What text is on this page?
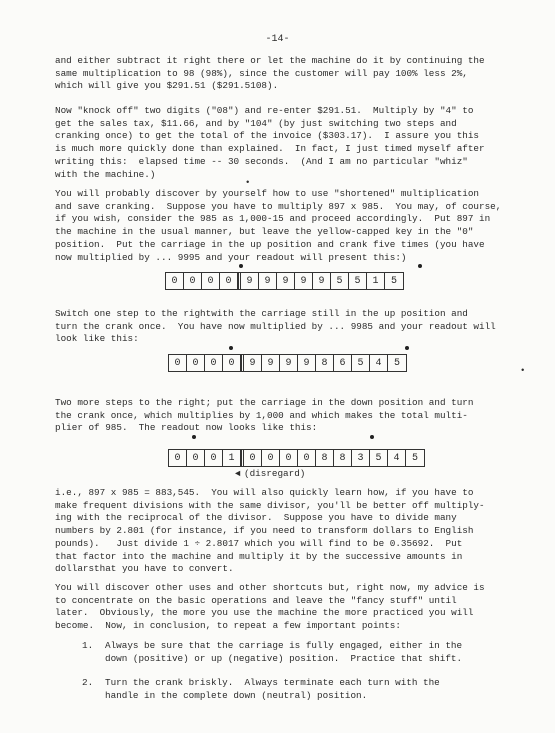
-14-

and either subtract it right there or let the machine do it by continuing the
same multiplication to 98 (98%), since the customer will pay 100% less 2%,
which will give you $291.51 ($291.5108).

Now "knock off" two digits ("08") and re-enter $291.51.  Multiply by "4" to
get the sales tax, $11.66, and by "104" (by just switching two steps and
cranking once) to get the total of the invoice ($303.17).  I assure you this
is much more quickly done than explained.  In fact, I just timed myself after
writing this:  elapsed time -- 30 seconds.  (And I am no particular "whiz"
with the machine.)

•

You will probably discover by yourself how to use "shortened" multiplication
and save cranking.  Suppose you have to multiply 897 x 985.  You may, of course,
if you wish, consider the 985 as 1,000-15 and proceed accordingly.  Put 897 in
the machine in the usual manner, but leave the yellow-capped key in the "0"
position.  Put the carriage in the up position and crank five times (you have
now multiplied by ... 9995 and your readout will present this:)

0	0	0	0	9	9	9	9	9	5	5	1	5

Switch one step to the rightwith the carriage still in the up position and
turn the crank once.  You have now multiplied by ... 9985 and your readout will
look like this:

0	0	0	0	9	9	9	9	8	6	5	4	5
•

Two more steps to the right; put the carriage in the down position and turn
the crank once, which multiplies by 1,000 and which makes the total multi-
plier of 985.  The readout now looks like this:

0	0	0	1	0	0	0	0	8	8	3	5	4	5
◄ (disregard)

i.e., 897 x 985 = 883,545.  You will also quickly learn how, if you have to
make frequent divisions with the same divisor, you'll be better off multiply-
ing with the reciprocal of the divisor.  Suppose you have to divide many
numbers by 2.801 (for instance, if you need to transform dollars to English
pounds).   Just divide 1 ÷ 2.8017 which you will find to be 0.35692.  Put
that factor into the machine and multiply it by the successive amounts in
dollarsthat you have to convert.

You will discover other uses and other shortcuts but, right now, my advice is
to concentrate on the basic operations and leave the "fancy stuff" until
later.  Obviously, the more you use the machine the more practiced you will
become.  Now, in conclusion, to repeat a few important points:

1. Always be sure that the carriage is fully engaged, either in the
down (positive) or up (negative) position.  Practice that shift.
2. Turn the crank briskly.  Always terminate each turn with the
handle in the complete down (neutral) position.
